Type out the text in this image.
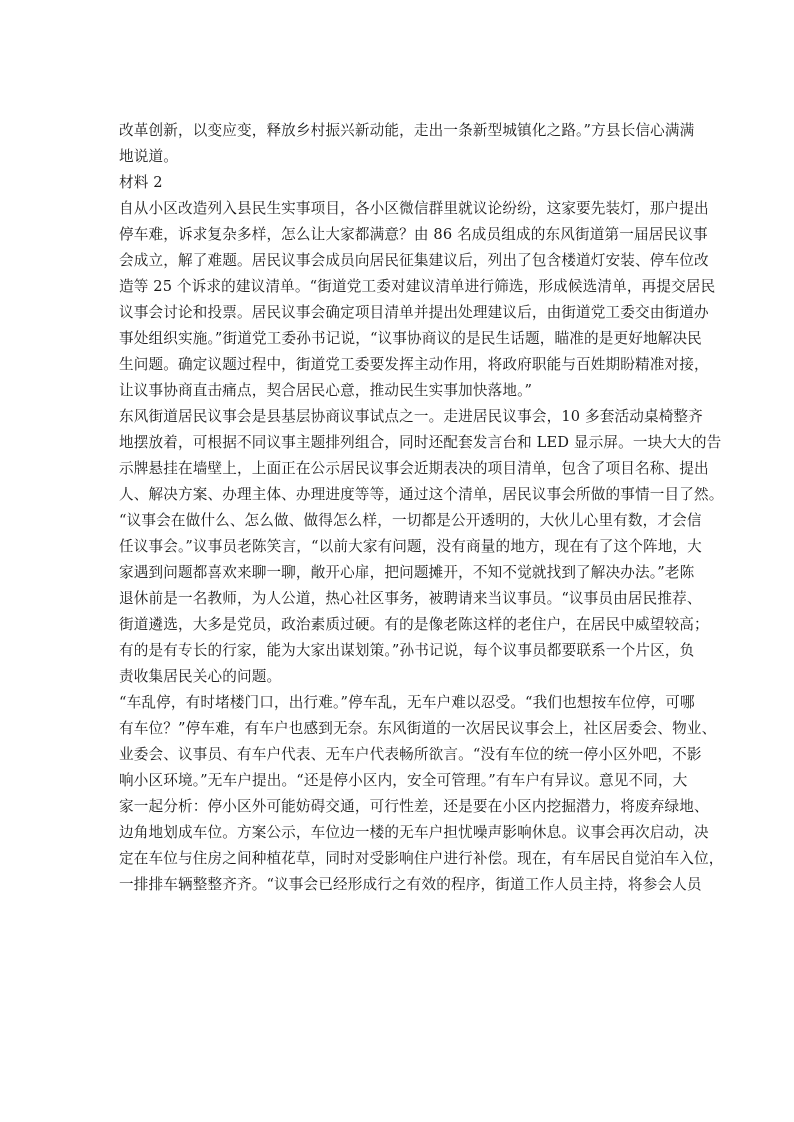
改革创新，以变应变，释放乡村振兴新动能，走出一条新型城镇化之路。”方县长信心满满
地说道。
材料 2
自从小区改造列入县民生实事项目，各小区微信群里就议论纷纷，这家要先装灯，那户提出
停车难，诉求复杂多样，怎么让大家都满意？由 86 名成员组成的东风街道第一届居民议事
会成立，解了难题。居民议事会成员向居民征集建议后，列出了包含楼道灯安装、停车位改
造等 25 个诉求的建议清单。“街道党工委对建议清单进行筛选，形成候选清单，再提交居民
议事会讨论和投票。居民议事会确定项目清单并提出处理建议后，由街道党工委交由街道办
事处组织实施。”街道党工委孙书记说，“议事协商议的是民生话题，瞄准的是更好地解决民
生问题。确定议题过程中，街道党工委要发挥主动作用，将政府职能与百姓期盼精准对接，
让议事协商直击痛点，契合居民心意，推动民生实事加快落地。”
东风街道居民议事会是县基层协商议事试点之一。走进居民议事会，10 多套活动桌椅整齐
地摆放着，可根据不同议事主题排列组合，同时还配套发言台和 LED 显示屏。一块大大的告
示牌悬挂在墙壁上，上面正在公示居民议事会近期表决的项目清单，包含了项目名称、提出
人、解决方案、办理主体、办理进度等等，通过这个清单，居民议事会所做的事情一目了然。
“议事会在做什么、怎么做、做得怎么样，一切都是公开透明的，大伙儿心里有数，才会信
任议事会。”议事员老陈笑言，“以前大家有问题，没有商量的地方，现在有了这个阵地，大
家遇到问题都喜欢来聊一聊，敞开心扉，把问题摊开，不知不觉就找到了解决办法。”老陈
退休前是一名教师，为人公道，热心社区事务，被聘请来当议事员。“议事员由居民推荐、
街道遴选，大多是党员，政治素质过硬。有的是像老陈这样的老住户，在居民中威望较高；
有的是有专长的行家，能为大家出谋划策。”孙书记说，每个议事员都要联系一个片区，负
责收集居民关心的问题。
“车乱停，有时堵楼门口，出行难。”停车乱，无车户难以忍受。“我们也想按车位停，可哪
有车位？”停车难，有车户也感到无奈。东风街道的一次居民议事会上，社区居委会、物业、
业委会、议事员、有车户代表、无车户代表畅所欲言。“没有车位的统一停小区外吧，不影
响小区环境。”无车户提出。“还是停小区内，安全可管理。”有车户有异议。意见不同，大
家一起分析：停小区外可能妨碍交通，可行性差，还是要在小区内挖掘潜力，将废弃绿地、
边角地划成车位。方案公示，车位边一楼的无车户担忧噪声影响休息。议事会再次启动，决
定在车位与住房之间种植花草，同时对受影响住户进行补偿。现在，有车居民自觉泊车入位，
一排排车辆整整齐齐。“议事会已经形成行之有效的程序，街道工作人员主持，将参会人员
